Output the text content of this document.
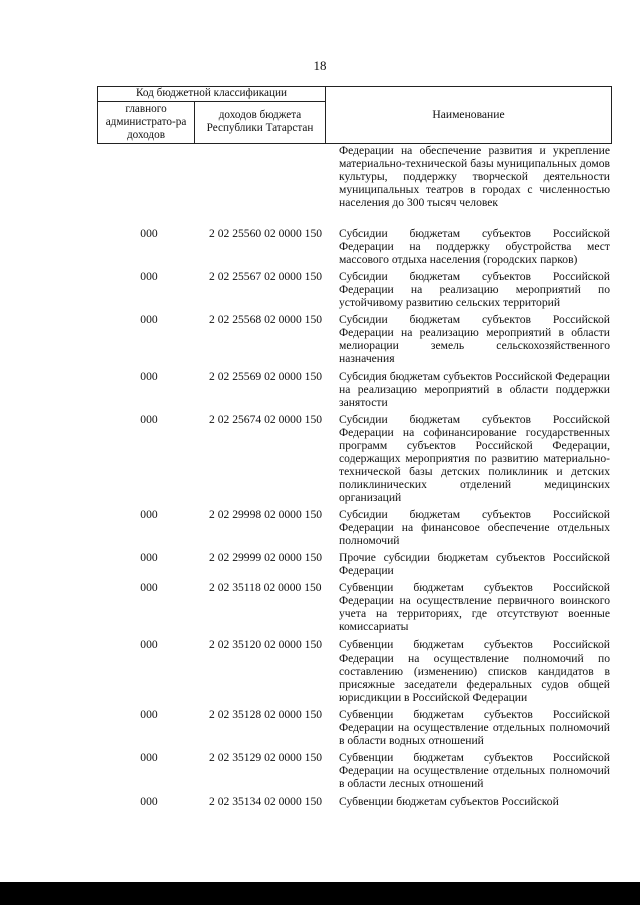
18
Код бюджетной классификации		Наименование
главного администрато-ра доходов	доходов бюджета Республики Татарстан	
Федерации на обеспечение развития и укрепление материально-технической базы муниципальных домов культуры, поддержку творческой деятельности муниципальных театров в городах с численностью населения до 300 тысяч человек
000	2 02 25560 02 0000 150	Субсидии бюджетам субъектов Российской Федерации на поддержку обустройства мест массового отдыха населения (городских парков)
000	2 02 25567 02 0000 150	Субсидии бюджетам субъектов Российской Федерации на реализацию мероприятий по устойчивому развитию сельских территорий
000	2 02 25568 02 0000 150	Субсидии бюджетам субъектов Российской Федерации на реализацию мероприятий в области мелиорации земель сельскохозяйственного назначения
000	2 02 25569 02 0000 150	Субсидия бюджетам субъектов Российской Федерации на реализацию мероприятий в области поддержки занятости
000	2 02 25674 02 0000 150	Субсидии бюджетам субъектов Российской Федерации на софинансирование государственных программ субъектов Российской Федерации, содержащих мероприятия по развитию материально-технической базы детских поликлиник и детских поликлинических отделений медицинских организаций
000	2 02 29998 02 0000 150	Субсидии бюджетам субъектов Российской Федерации на финансовое обеспечение отдельных полномочий
000	2 02 29999 02 0000 150	Прочие субсидии бюджетам субъектов Российской Федерации
000	2 02 35118 02 0000 150	Субвенции бюджетам субъектов Российской Федерации на осуществление первичного воинского учета на территориях, где отсутствуют военные комиссариаты
000	2 02 35120 02 0000 150	Субвенции бюджетам субъектов Российской Федерации на осуществление полномочий по составлению (изменению) списков кандидатов в присяжные заседатели федеральных судов общей юрисдикции в Российской Федерации
000	2 02 35128 02 0000 150	Субвенции бюджетам субъектов Российской Федерации на осуществление отдельных полномочий в области водных отношений
000	2 02 35129 02 0000 150	Субвенции бюджетам субъектов Российской Федерации на осуществление отдельных полномочий в области лесных отношений
000	2 02 35134 02 0000 150	Субвенции бюджетам субъектов Российской
